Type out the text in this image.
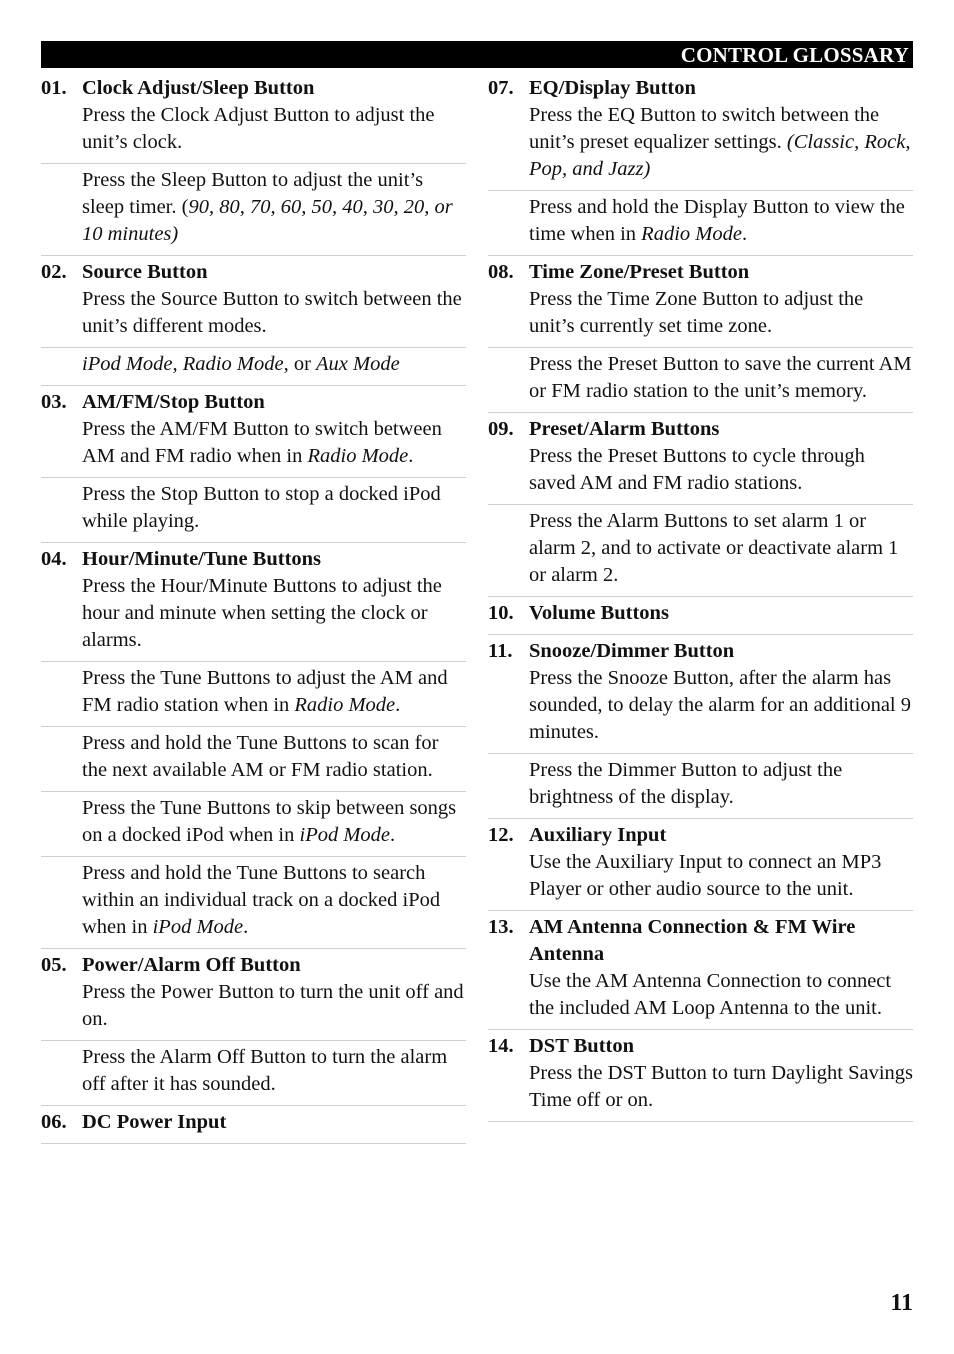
CONTROL GLOSSARY
01. Clock Adjust/Sleep Button
Press the Clock Adjust Button to adjust the unit’s clock.
Press the Sleep Button to adjust the unit’s sleep timer. (90, 80, 70, 60, 50, 40, 30, 20, or 10 minutes)
02. Source Button
Press the Source Button to switch between the unit’s different modes.
iPod Mode, Radio Mode, or Aux Mode
03. AM/FM/Stop Button
Press the AM/FM Button to switch between AM and FM radio when in Radio Mode.
Press the Stop Button to stop a docked iPod while playing.
04. Hour/Minute/Tune Buttons
Press the Hour/Minute Buttons to adjust the hour and minute when setting the clock or alarms.
Press the Tune Buttons to adjust the AM and FM radio station when in Radio Mode.
Press and hold the Tune Buttons to scan for the next available AM or FM radio station.
Press the Tune Buttons to skip between songs on a docked iPod when in iPod Mode.
Press and hold the Tune Buttons to search within an individual track on a docked iPod when in iPod Mode.
05. Power/Alarm Off Button
Press the Power Button to turn the unit off and on.
Press the Alarm Off Button to turn the alarm off after it has sounded.
06. DC Power Input
07. EQ/Display Button
Press the EQ Button to switch between the unit’s preset equalizer settings. (Classic, Rock, Pop, and Jazz)
Press and hold the Display Button to view the time when in Radio Mode.
08. Time Zone/Preset Button
Press the Time Zone Button to adjust the unit’s currently set time zone.
Press the Preset Button to save the current AM or FM radio station to the unit’s memory.
09. Preset/Alarm Buttons
Press the Preset Buttons to cycle through saved AM and FM radio stations.
Press the Alarm Buttons to set alarm 1 or alarm 2, and to activate or deactivate alarm 1 or alarm 2.
10. Volume Buttons
11. Snooze/Dimmer Button
Press the Snooze Button, after the alarm has sounded, to delay the alarm for an additional 9 minutes.
Press the Dimmer Button to adjust the brightness of the display.
12. Auxiliary Input
Use the Auxiliary Input to connect an MP3 Player or other audio source to the unit.
13. AM Antenna Connection & FM Wire Antenna
Use the AM Antenna Connection to connect the included AM Loop Antenna to the unit.
14. DST Button
Press the DST Button to turn Daylight Savings Time off or on.
11
